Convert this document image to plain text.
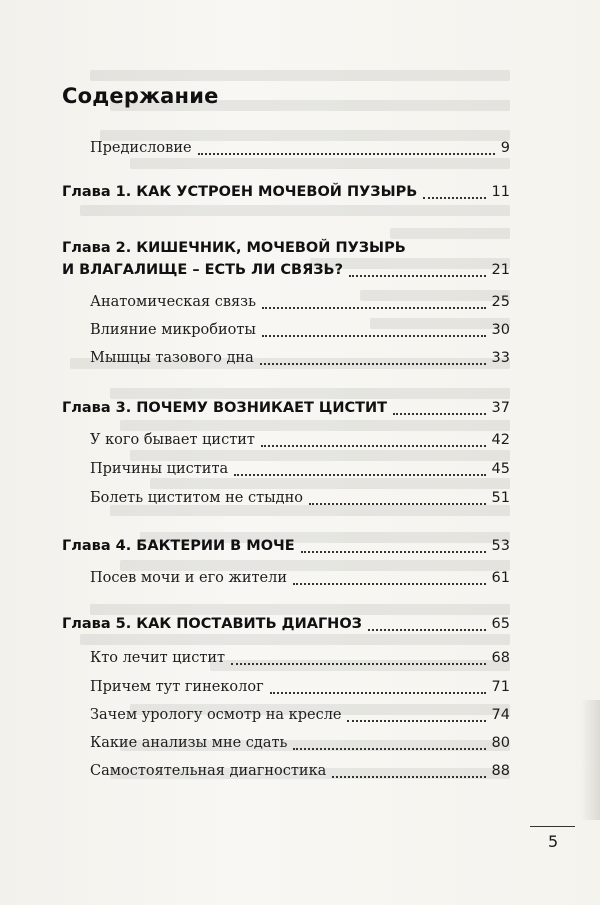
Содержание
Предисловие	9
Глава 1. КАК УСТРОЕН МОЧЕВОЙ ПУЗЫРЬ	11
Глава 2. КИШЕЧНИК, МОЧЕВОЙ ПУЗЫРЬ
И ВЛАГАЛИЩЕ – ЕСТЬ ЛИ СВЯЗЬ?	21
Анатомическая связь	25
Влияние микробиоты	30
Мышцы тазового дна	33
Глава 3. ПОЧЕМУ ВОЗНИКАЕТ ЦИСТИТ	37
У кого бывает цистит	42
Причины цистита	45
Болеть циститом не стыдно	51
Глава 4. БАКТЕРИИ В МОЧЕ	53
Посев мочи и его жители	61
Глава 5. КАК ПОСТАВИТЬ ДИАГНОЗ	65
Кто лечит цистит	68
Причем тут гинеколог	71
Зачем урологу осмотр на кресле	74
Какие анализы мне сдать	80
Самостоятельная диагностика	88
5
